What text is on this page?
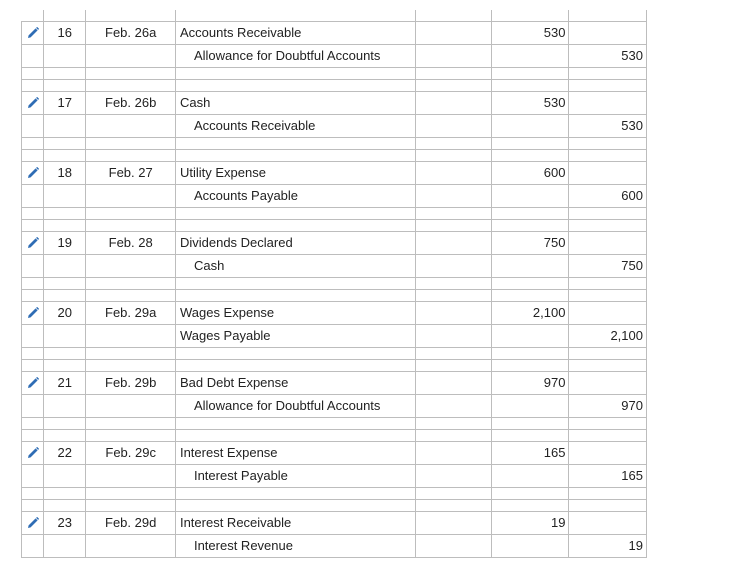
	16	Feb. 26a	Accounts Receivable		530	
			Allowance for Doubtful Accounts			530

	17	Feb. 26b	Cash		530	
			Accounts Receivable			530

	18	Feb. 27	Utility Expense		600	
			Accounts Payable			600

	19	Feb. 28	Dividends Declared		750	
			Cash			750

	20	Feb. 29a	Wages Expense		2,100	
			Wages Payable			2,100

	21	Feb. 29b	Bad Debt Expense		970	
			Allowance for Doubtful Accounts			970

	22	Feb. 29c	Interest Expense		165	
			Interest Payable			165

	23	Feb. 29d	Interest Receivable		19	
			Interest Revenue			19
